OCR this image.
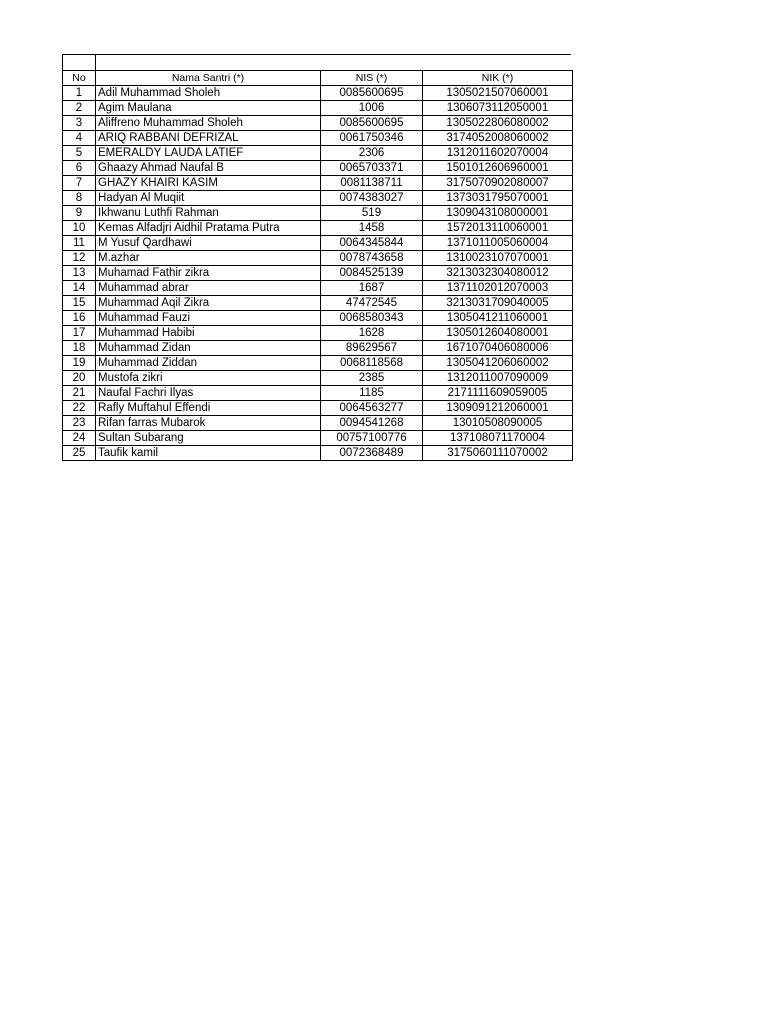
No	Nama Santri (*)	NIS (*)	NIK (*)
1	Adil Muhammad Sholeh	0085600695	1305021507060001
2	Agim Maulana	1006	1306073112050001
3	Aliffreno Muhammad Sholeh	0085600695	1305022806080002
4	ARIQ RABBANI DEFRIZAL	0061750346	3174052008060002
5	EMERALDY LAUDA LATIEF	2306	1312011602070004
6	Ghaazy Ahmad Naufal B	0065703371	1501012606960001
7	GHAZY KHAIRI KASIM	0081138711	3175070902080007
8	Hadyan Al Muqiit	0074383027	1373031795070001
9	Ikhwanu Luthfi Rahman	519	1309043108000001
10	Kemas Alfadjri Aidhil Pratama Putra	1458	1572013110060001
11	M Yusuf Qardhawi	0064345844	1371011005060004
12	M.azhar	0078743658	1310023107070001
13	Muhamad Fathir zikra	0084525139	3213032304080012
14	Muhammad abrar	1687	1371102012070003
15	Muhammad Aqil Zikra	47472545	3213031709040005
16	Muhammad Fauzi	0068580343	1305041211060001
17	Muhammad Habibi	1628	1305012604080001
18	Muhammad Zidan	89629567	1671070406080006
19	Muhammad Ziddan	0068118568	1305041206060002
20	Mustofa zikri	2385	1312011007090009
21	Naufal Fachri Ilyas	1185	2171111609059005
22	Rafly Muftahul Effendi	0064563277	1309091212060001
23	Rifan farras Mubarok	0094541268	13010508090005
24	Sultan Subarang	00757100776	137108071170004
25	Taufik kamil	0072368489	3175060111070002
